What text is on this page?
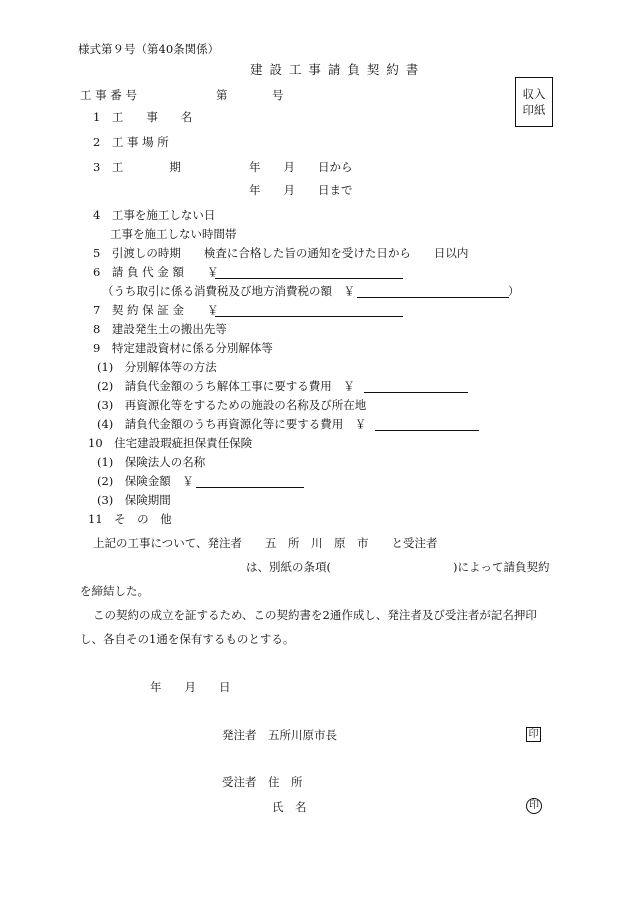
様式第９号（第40条関係）
建 設 工 事 請 負 契 約 書
収入
印紙
工 事 番 号	第	号
1　工　　事　　名
2　工 事 場 所
3　工　　　　期	年　　月　　日から
年　　月　　日まで
4　工事を施工しない日
工事を施工しない時間帯
5　引渡しの時期　　検査に合格した旨の通知を受けた日から　　日以内
6　請 負 代 金 額　　￥
（うち取引に係る消費税及び地方消費税の額　￥	）
7　契 約 保 証 金　　￥
8　建設発生土の搬出先等
9　特定建設資材に係る分別解体等
(1)　分別解体等の方法
(2)　請負代金額のうち解体工事に要する費用　￥
(3)　再資源化等をするための施設の名称及び所在地
(4)　請負代金額のうち再資源化等に要する費用　￥
10　住宅建設瑕疵担保責任保険
(1)　保険法人の名称
(2)　保険金額　￥
(3)　保険期間
11　そ　の　他
上記の工事について、発注者　　五　所　川　原　市　　と受注者
は、別紙の条項(	)によって請負契約
を締結した。
この契約の成立を証するため、この契約書を2通作成し、発注者及び受注者が記名押印
し、各自その1通を保有するものとする。
年　　月　　日
発注者　五所川原市長	印
受注者　住　所
氏　名	印
